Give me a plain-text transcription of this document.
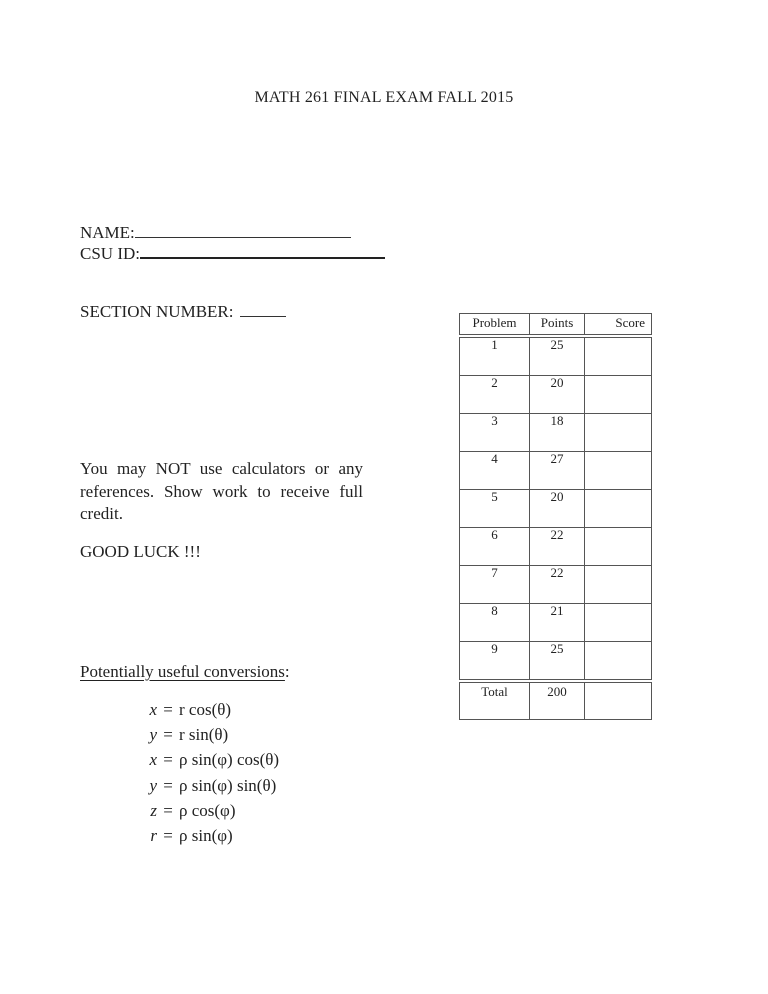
MATH 261 FINAL EXAM FALL 2015
NAME:
CSU ID:
SECTION NUMBER:
You may NOT use calculators or any references. Show work to receive full credit.
GOOD LUCK !!!
Potentially useful conversions:
x = r cos(θ)
y = r sin(θ)
x = ρ sin(φ) cos(θ)
y = ρ sin(φ) sin(θ)
z = ρ cos(φ)
r = ρ sin(φ)
Problem	Points	Score
1	25
2	20
3	18
4	27
5	20
6	22
7	22
8	21
9	25
Total	200
